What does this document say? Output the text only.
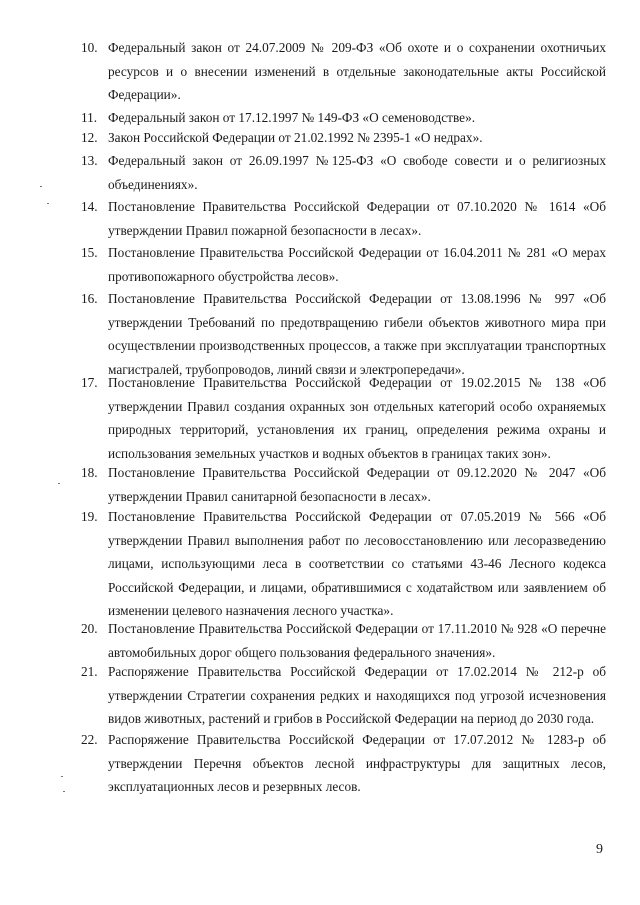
10. Федеральный закон от 24.07.2009 № 209-ФЗ «Об охоте и о сохранении охотничьих ресурсов и о внесении изменений в отдельные законодательные акты Российской Федерации».
11. Федеральный закон от 17.12.1997 № 149-ФЗ «О семеноводстве».
12. Закон Российской Федерации от 21.02.1992 № 2395-1 «О недрах».
13. Федеральный закон от 26.09.1997 №125-ФЗ «О свободе совести и о религиозных объединениях».
14. Постановление Правительства Российской Федерации от 07.10.2020 № 1614 «Об утверждении Правил пожарной безопасности в лесах».
15. Постановление Правительства Российской Федерации от 16.04.2011 № 281 «О мерах противопожарного обустройства лесов».
16. Постановление Правительства Российской Федерации от 13.08.1996 № 997 «Об утверждении Требований по предотвращению гибели объектов животного мира при осуществлении производственных процессов, а также при эксплуатации транспортных магистралей, трубопроводов, линий связи и электропередачи».
17. Постановление Правительства Российской Федерации от 19.02.2015 № 138 «Об утверждении Правил создания охранных зон отдельных категорий особо охраняемых природных территорий, установления их границ, определения режима охраны и использования земельных участков и водных объектов в границах таких зон».
18. Постановление Правительства Российской Федерации от 09.12.2020 № 2047 «Об утверждении Правил санитарной безопасности в лесах».
19. Постановление Правительства Российской Федерации от 07.05.2019 № 566 «Об утверждении Правил выполнения работ по лесовосстановлению или лесоразведению лицами, использующими леса в соответствии со статьями 43-46 Лесного кодекса Российской Федерации, и лицами, обратившимися с ходатайством или заявлением об изменении целевого назначения лесного участка».
20. Постановление Правительства Российской Федерации от 17.11.2010 № 928 «О перечне автомобильных дорог общего пользования федерального значения».
21. Распоряжение Правительства Российской Федерации от 17.02.2014 № 212-р об утверждении Стратегии сохранения редких и находящихся под угрозой исчезновения видов животных, растений и грибов в Российской Федерации на период до 2030 года.
22. Распоряжение Правительства Российской Федерации от 17.07.2012 № 1283-р об утверждении Перечня объектов лесной инфраструктуры для защитных лесов, эксплуатационных лесов и резервных лесов.
9
